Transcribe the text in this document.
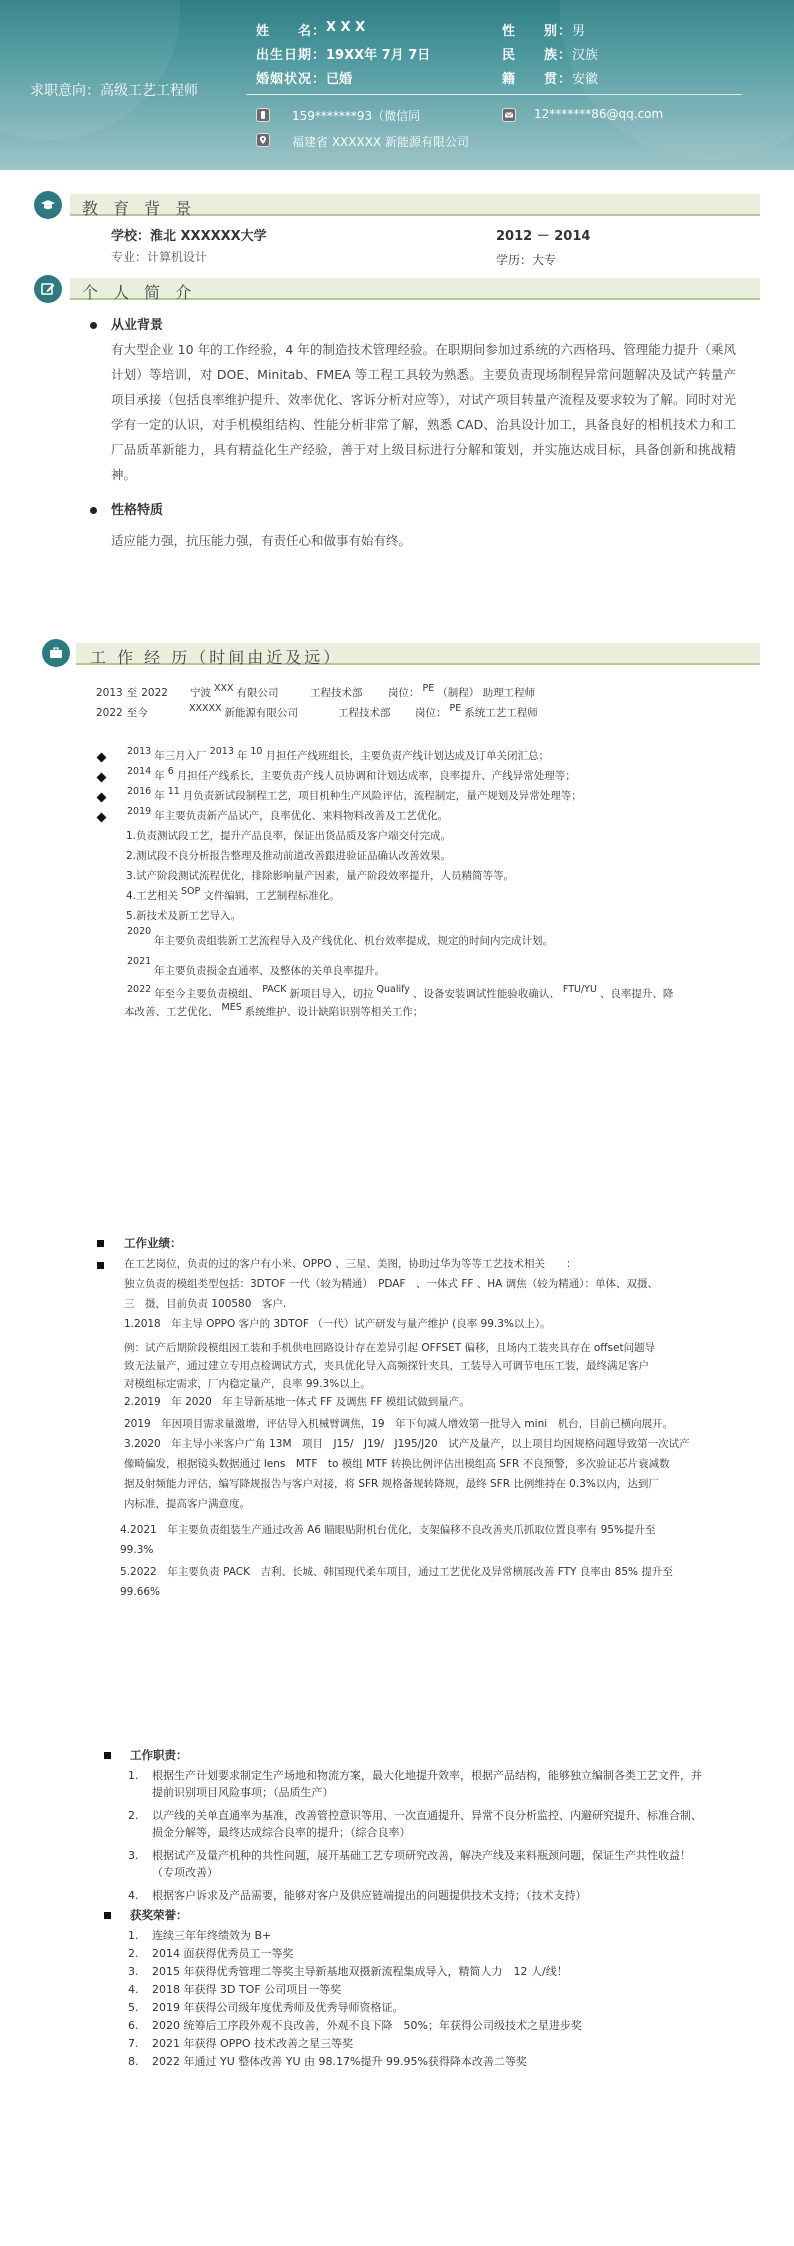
求职意向：高级工艺工程师
姓　　名： X X X
出生日期： 19XX年 7月 7日
婚姻状况： 已婚
性　　别： 男
民　　族： 汉族
籍　　贯： 安徽
159*******93（微信同	12*******86@qq.com
福建省 XXXXXX 新能源有限公司
教 育 背 景
学校：淮北 XXXXXX大学	2012 － 2014
专业：计算机设计	学历：大专
个 人 简 介
从业背景
有大型企业 10 年的工作经验，4 年的制造技术管理经验。在职期间参加过系统的六西格玛、管理能力提升（乘风计划）等培训，对 DOE、Minitab、FMEA 等工程工具较为熟悉。主要负责现场制程异常问题解决及试产转量产项目承接（包括良率维护提升、效率优化、客诉分析对应等），对试产项目转量产流程及要求较为了解。同时对光学有一定的认识，对手机模组结构、性能分析非常了解，熟悉 CAD、治具设计加工，具备良好的相机技术力和工厂品质革新能力，具有精益化生产经验，善于对上级目标进行分解和策划，并实施达成目标，具备创新和挑战精神。
性格特质
适应能力强，抗压能力强，有责任心和做事有始有终。
工 作 经 历（时间由近及远）
2013 至 2022 宁波 XXX 有限公司	工程技术部 岗位： PE （制程） 助理工程师
2022 至今	XXXXX 新能源有限公司	工程技术部 岗位： PE 系统工艺工程师
2013 年三月入厂 2013 年 10 月担任产线班组长，主要负责产线计划达成及订单关闭汇总；
2014 年 6 月担任产线系长，主要负责产线人员协调和计划达成率，良率提升、产线异常处理等；
2016 年 11 月负责新试段制程工艺，项目机种生产风险评估，流程制定，量产规划及异常处理等；
2019 年主要负责新产品试产，良率优化、来料物料改善及工艺优化。
1.负责测试段工艺，提升产品良率，保证出货品质及客户端交付完成。
2.测试段不良分析报告整理及推动前道改善跟进验证品确认改善效果。
3.试产阶段测试流程优化，排除影响量产因素，量产阶段效率提升，人员精简等等。
4.工艺相关 SOP 文件编辑，工艺制程标准化。
5.新技术及新工艺导入。
2020
年主要负责组装新工艺流程导入及产线优化、机台效率提成，规定的时间内完成计划。
2021
年主要负责损金直通率、及整体的关单良率提升。
2022 年至今主要负责模组、 PACK 新项目导入，切拉 Qualify 、设备安装调试性能验收确认、 FTU/YU 、良率提升、降
本改善、工艺优化、 MES 系统维护、设计缺陷识别等相关工作；
工作业绩：
在工艺岗位，负责的过的客户有小米、OPPO 、三星、美图，协助过华为等等工艺技术相关　　：
独立负责的模组类型包括：3DTOF 一代（较为精通）　PDAF　、一体式 FF 、HA 调焦（较为精通）：单体、双摄、
三　摄，目前负责 100580　客户.
1.2018　年主导 OPPO 客户的 3DTOF （一代）试产研发与量产维护 (良率 99.3%以上）。
例：试产后期阶段模组因工装和手机供电回路设计存在差异引起 OFFSET 偏移，且场内工装夹具存在 offset问题导
致无法量产，通过建立专用点检调试方式，夹具优化导入高频探针夹具，工装导入可调节电压工装，最终满足客户
对模组标定需求，厂内稳定量产，良率 99.3%以上。
2.2019　年 2020　年主导新基地一体式 FF 及调焦 FF 模组试做到量产。
2019　年因项目需求量激增，评估导入机械臂调焦，19　年下旬减人增效第一批导入 mini　机台，目前已横向展开。
3.2020　年主导小米客户广角 13M　项目　J15/　J19/　J195/J20　试产及量产，以上项目均因规格问题导致第一次试产
像畸偏发，根据镜头数据通过 lens　MTF　to 模组 MTF 转换比例评估出模组高 SFR 不良预警，多次验证芯片衰减数
据及射频能力评估，编写降规报告与客户对接，将 SFR 规格备规转降规，最终 SFR 比例维持在 0.3%以内，达到厂
内标准，提高客户满意度。
4.2021　年主要负责组装生产通过改善 A6 瞄眼贴附机台优化，支架偏移不良改善夹爪抓取位置良率有 95%提升至
99.3%
5.2022　年主要负责 PACK　吉利、长城、韩国现代柔车项目，通过工艺优化及异常横展改善 FTY 良率由 85% 提升至
99.66%
工作职责：
1. 根据生产计划要求制定生产场地和物流方案，最大化地提升效率，根据产品结构，能够独立编制各类工艺文件，并提前识别项目风险事项；（品质生产）
2. 以产线的关单直通率为基准，改善管控意识等用、一次直通提升、异常不良分析监控、内避研究提升、标准合制、损金分解等，最终达成综合良率的提升；（综合良率）
3. 根据试产及量产机种的共性问题，展开基础工艺专项研究改善，解决产线及来料瓶颈问题，保证生产共性收益！（专项改善）
4. 根据客户诉求及产品需要，能够对客户及供应链端提出的问题提供技术支持；（技术支持）
获奖荣誉：
1. 连续三年年终绩效为 B+
2. 2014 面获得优秀员工一等奖
3. 2015 年获得优秀管理二等奖主导新基地双摄新流程集成导入，精简人力　12 人/线！
4. 2018 年获得 3D TOF 公司项目一等奖
5. 2019 年获得公司级年度优秀师及优秀导师资格证。
6. 2020 统筹后工序段外观不良改善，外观不良下降　50%；年获得公司级技术之星进步奖
7. 2021 年获得 OPPO 技术改善之星三等奖
8. 2022 年通过 YU 整体改善 YU 由 98.17%提升 99.95%获得降本改善二等奖
